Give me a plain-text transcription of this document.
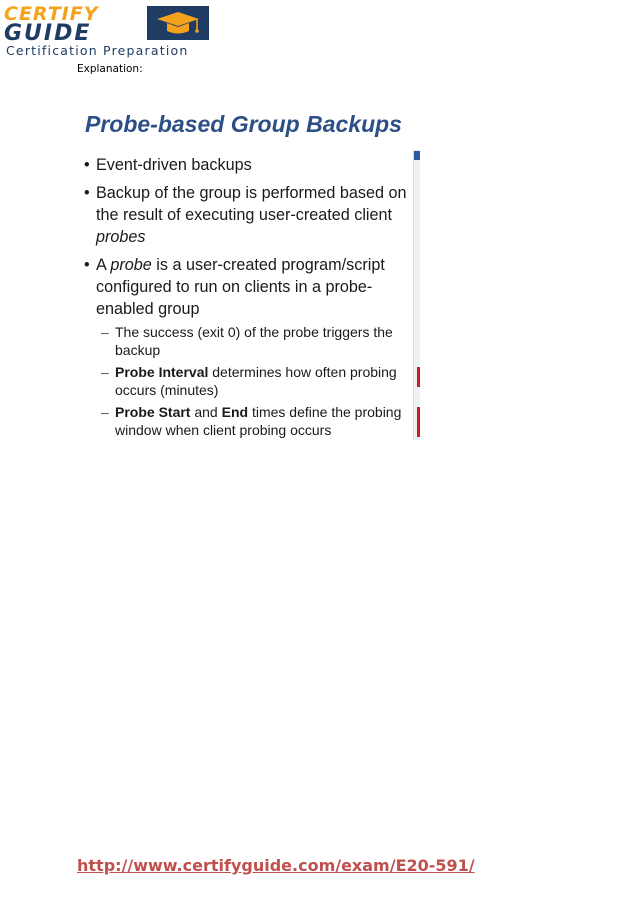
CERTIFY
GUIDE
Certification Preparation
Explanation:
Probe-based Group Backups
• Event-driven backups
• Backup of the group is performed based on the result of executing user-created client probes
• A probe is a user-created program/script configured to run on clients in a probe-enabled group
– The success (exit 0) of the probe triggers the backup
– Probe Interval determines how often probing occurs (minutes)
– Probe Start and End times define the probing window when client probing occurs
http://www.certifyguide.com/exam/E20-591/
